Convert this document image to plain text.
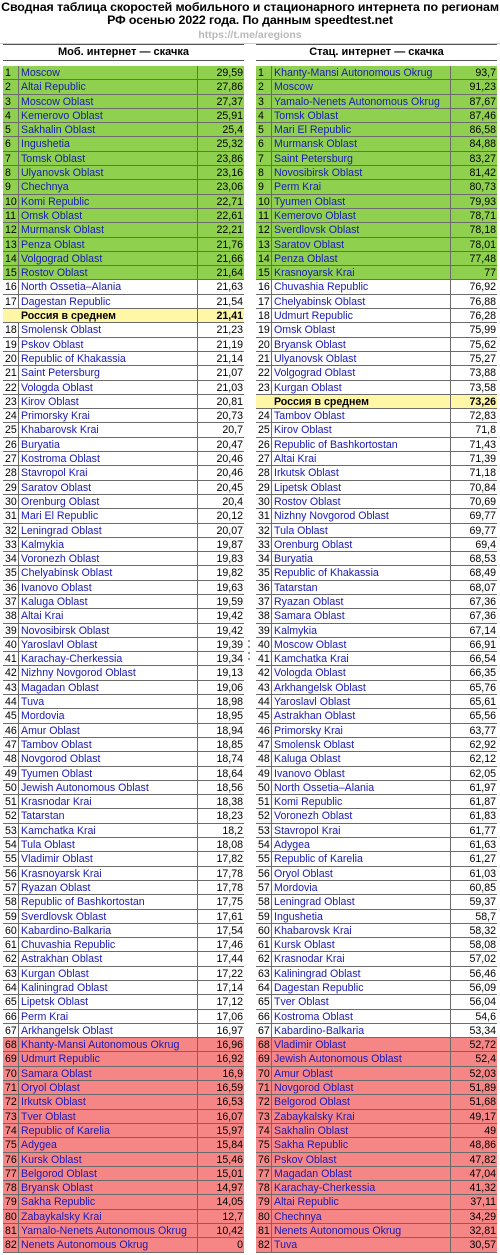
Сводная таблица скоростей мобильного и стационарного интернета по регионам РФ осенью 2022 года. По данным speedtest.net
https://t.me/aregions
Моб. интернет — скачка
1 Moscow	29,59
2 Altai Republic	27,86
3 Moscow Oblast	27,37
4 Kemerovo Oblast	25,91
5 Sakhalin Oblast	25,4
6 Ingushetia	25,32
7 Tomsk Oblast	23,86
8 Ulyanovsk Oblast	23,16
9 Chechnya	23,06
10 Komi Republic	22,71
11 Omsk Oblast	22,61
12 Murmansk Oblast	22,21
13 Penza Oblast	21,76
14 Volgograd Oblast	21,66
15 Rostov Oblast	21,64
16 North Ossetia–Alania	21,63
17 Dagestan Republic	21,54
Россия в среднем	21,41
18 Smolensk Oblast	21,23
19 Pskov Oblast	21,19
20 Republic of Khakassia	21,14
21 Saint Petersburg	21,07
22 Vologda Oblast	21,03
23 Kirov Oblast	20,81
24 Primorsky Krai	20,73
25 Khabarovsk Krai	20,7
26 Buryatia	20,47
27 Kostroma Oblast	20,46
28 Stavropol Krai	20,46
29 Saratov Oblast	20,45
30 Orenburg Oblast	20,4
31 Mari El Republic	20,12
32 Leningrad Oblast	20,07
33 Kalmykia	19,87
34 Voronezh Oblast	19,83
35 Chelyabinsk Oblast	19,82
36 Ivanovo Oblast	19,63
37 Kaluga Oblast	19,59
38 Altai Krai	19,42
39 Novosibirsk Oblast	19,42
40 Yaroslavl Oblast	19,39
41 Karachay-Cherkessia	19,34
42 Nizhny Novgorod Oblast	19,13
43 Magadan Oblast	19,06
44 Tuva	18,98
45 Mordovia	18,95
46 Amur Oblast	18,94
47 Tambov Oblast	18,85
48 Novgorod Oblast	18,74
49 Tyumen Oblast	18,64
50 Jewish Autonomous Oblast	18,56
51 Krasnodar Krai	18,38
52 Tatarstan	18,23
53 Kamchatka Krai	18,2
54 Tula Oblast	18,08
55 Vladimir Oblast	17,82
56 Krasnoyarsk Krai	17,78
57 Ryazan Oblast	17,78
58 Republic of Bashkortostan	17,75
59 Sverdlovsk Oblast	17,61
60 Kabardino-Balkaria	17,54
61 Chuvashia Republic	17,46
62 Astrakhan Oblast	17,44
63 Kurgan Oblast	17,22
64 Kaliningrad Oblast	17,14
65 Lipetsk Oblast	17,12
66 Perm Krai	17,06
67 Arkhangelsk Oblast	16,97
68 Khanty-Mansi Autonomous Okrug	16,96
69 Udmurt Republic	16,92
70 Samara Oblast	16,9
71 Oryol Oblast	16,59
72 Irkutsk Oblast	16,53
73 Tver Oblast	16,07
74 Republic of Karelia	15,97
75 Adygea	15,84
76 Kursk Oblast	15,46
77 Belgorod Oblast	15,01
78 Bryansk Oblast	14,97
79 Sakha Republic	14,05
80 Zabaykalsky Krai	12,7
81 Yamalo-Nenets Autonomous Okrug	10,42
82 Nenets Autonomous Okrug	0
Стац. интернет — скачка
1 Khanty-Mansi Autonomous Okrug	93,7
2 Moscow	91,23
3 Yamalo-Nenets Autonomous Okrug	87,67
4 Tomsk Oblast	87,46
5 Mari El Republic	86,58
6 Murmansk Oblast	84,88
7 Saint Petersburg	83,27
8 Novosibirsk Oblast	81,42
9 Perm Krai	80,73
10 Tyumen Oblast	79,93
11 Kemerovo Oblast	78,71
12 Sverdlovsk Oblast	78,18
13 Saratov Oblast	78,01
14 Penza Oblast	77,48
15 Krasnoyarsk Krai	77
16 Chuvashia Republic	76,92
17 Chelyabinsk Oblast	76,88
18 Udmurt Republic	76,28
19 Omsk Oblast	75,99
20 Bryansk Oblast	75,62
21 Ulyanovsk Oblast	75,27
22 Volgograd Oblast	73,88
23 Kurgan Oblast	73,58
Россия в среднем	73,26
24 Tambov Oblast	72,83
25 Kirov Oblast	71,8
26 Republic of Bashkortostan	71,43
27 Altai Krai	71,39
28 Irkutsk Oblast	71,18
29 Lipetsk Oblast	70,84
30 Rostov Oblast	70,69
31 Nizhny Novgorod Oblast	69,77
32 Tula Oblast	69,77
33 Orenburg Oblast	69,4
34 Buryatia	68,53
35 Republic of Khakassia	68,49
36 Tatarstan	68,07
37 Ryazan Oblast	67,36
38 Samara Oblast	67,36
39 Kalmykia	67,14
40 Moscow Oblast	66,91
41 Kamchatka Krai	66,54
42 Vologda Oblast	66,35
43 Arkhangelsk Oblast	65,76
44 Yaroslavl Oblast	65,61
45 Astrakhan Oblast	65,56
46 Primorsky Krai	63,77
47 Smolensk Oblast	62,92
48 Kaluga Oblast	62,12
49 Ivanovo Oblast	62,05
50 North Ossetia–Alania	61,97
51 Komi Republic	61,87
52 Voronezh Oblast	61,83
53 Stavropol Krai	61,77
54 Adygea	61,63
55 Republic of Karelia	61,27
56 Oryol Oblast	61,03
57 Mordovia	60,85
58 Leningrad Oblast	59,37
59 Ingushetia	58,7
60 Khabarovsk Krai	58,32
61 Kursk Oblast	58,08
62 Krasnodar Krai	57,02
63 Kaliningrad Oblast	56,46
64 Dagestan Republic	56,09
65 Tver Oblast	56,04
66 Kostroma Oblast	54,6
67 Kabardino-Balkaria	53,34
68 Vladimir Oblast	52,72
69 Jewish Autonomous Oblast	52,4
70 Amur Oblast	52,03
71 Novgorod Oblast	51,89
72 Belgorod Oblast	51,68
73 Zabaykalsky Krai	49,17
74 Sakhalin Oblast	49
75 Sakha Republic	48,86
76 Pskov Oblast	47,82
77 Magadan Oblast	47,04
78 Karachay-Cherkessia	41,32
79 Altai Republic	37,11
80 Chechnya	34,29
81 Nenets Autonomous Okrug	32,81
82 Tuva	30,57
